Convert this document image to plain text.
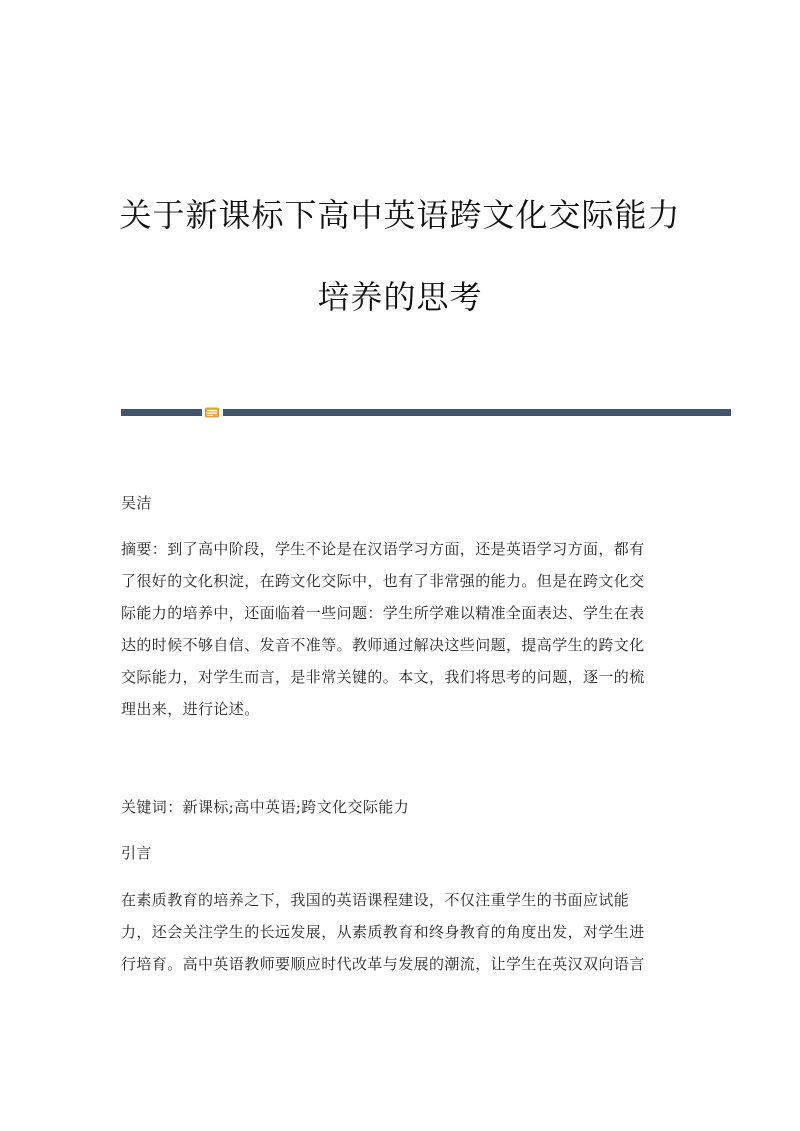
关于新课标下高中英语跨文化交际能力
培养的思考
吴洁
摘要：到了高中阶段，学生不论是在汉语学习方面，还是英语学习方面，都有
了很好的文化积淀，在跨文化交际中，也有了非常强的能力。但是在跨文化交
际能力的培养中，还面临着一些问题：学生所学难以精准全面表达、学生在表
达的时候不够自信、发音不准等。教师通过解决这些问题，提高学生的跨文化
交际能力，对学生而言，是非常关键的。本文，我们将思考的问题，逐一的梳
理出来，进行论述。
关键词：新课标;高中英语;跨文化交际能力
引言
在素质教育的培养之下，我国的英语课程建设，不仅注重学生的书面应试能
力，还会关注学生的长远发展，从素质教育和终身教育的角度出发，对学生进
行培育。高中英语教师要顺应时代改革与发展的潮流，让学生在英汉双向语言
